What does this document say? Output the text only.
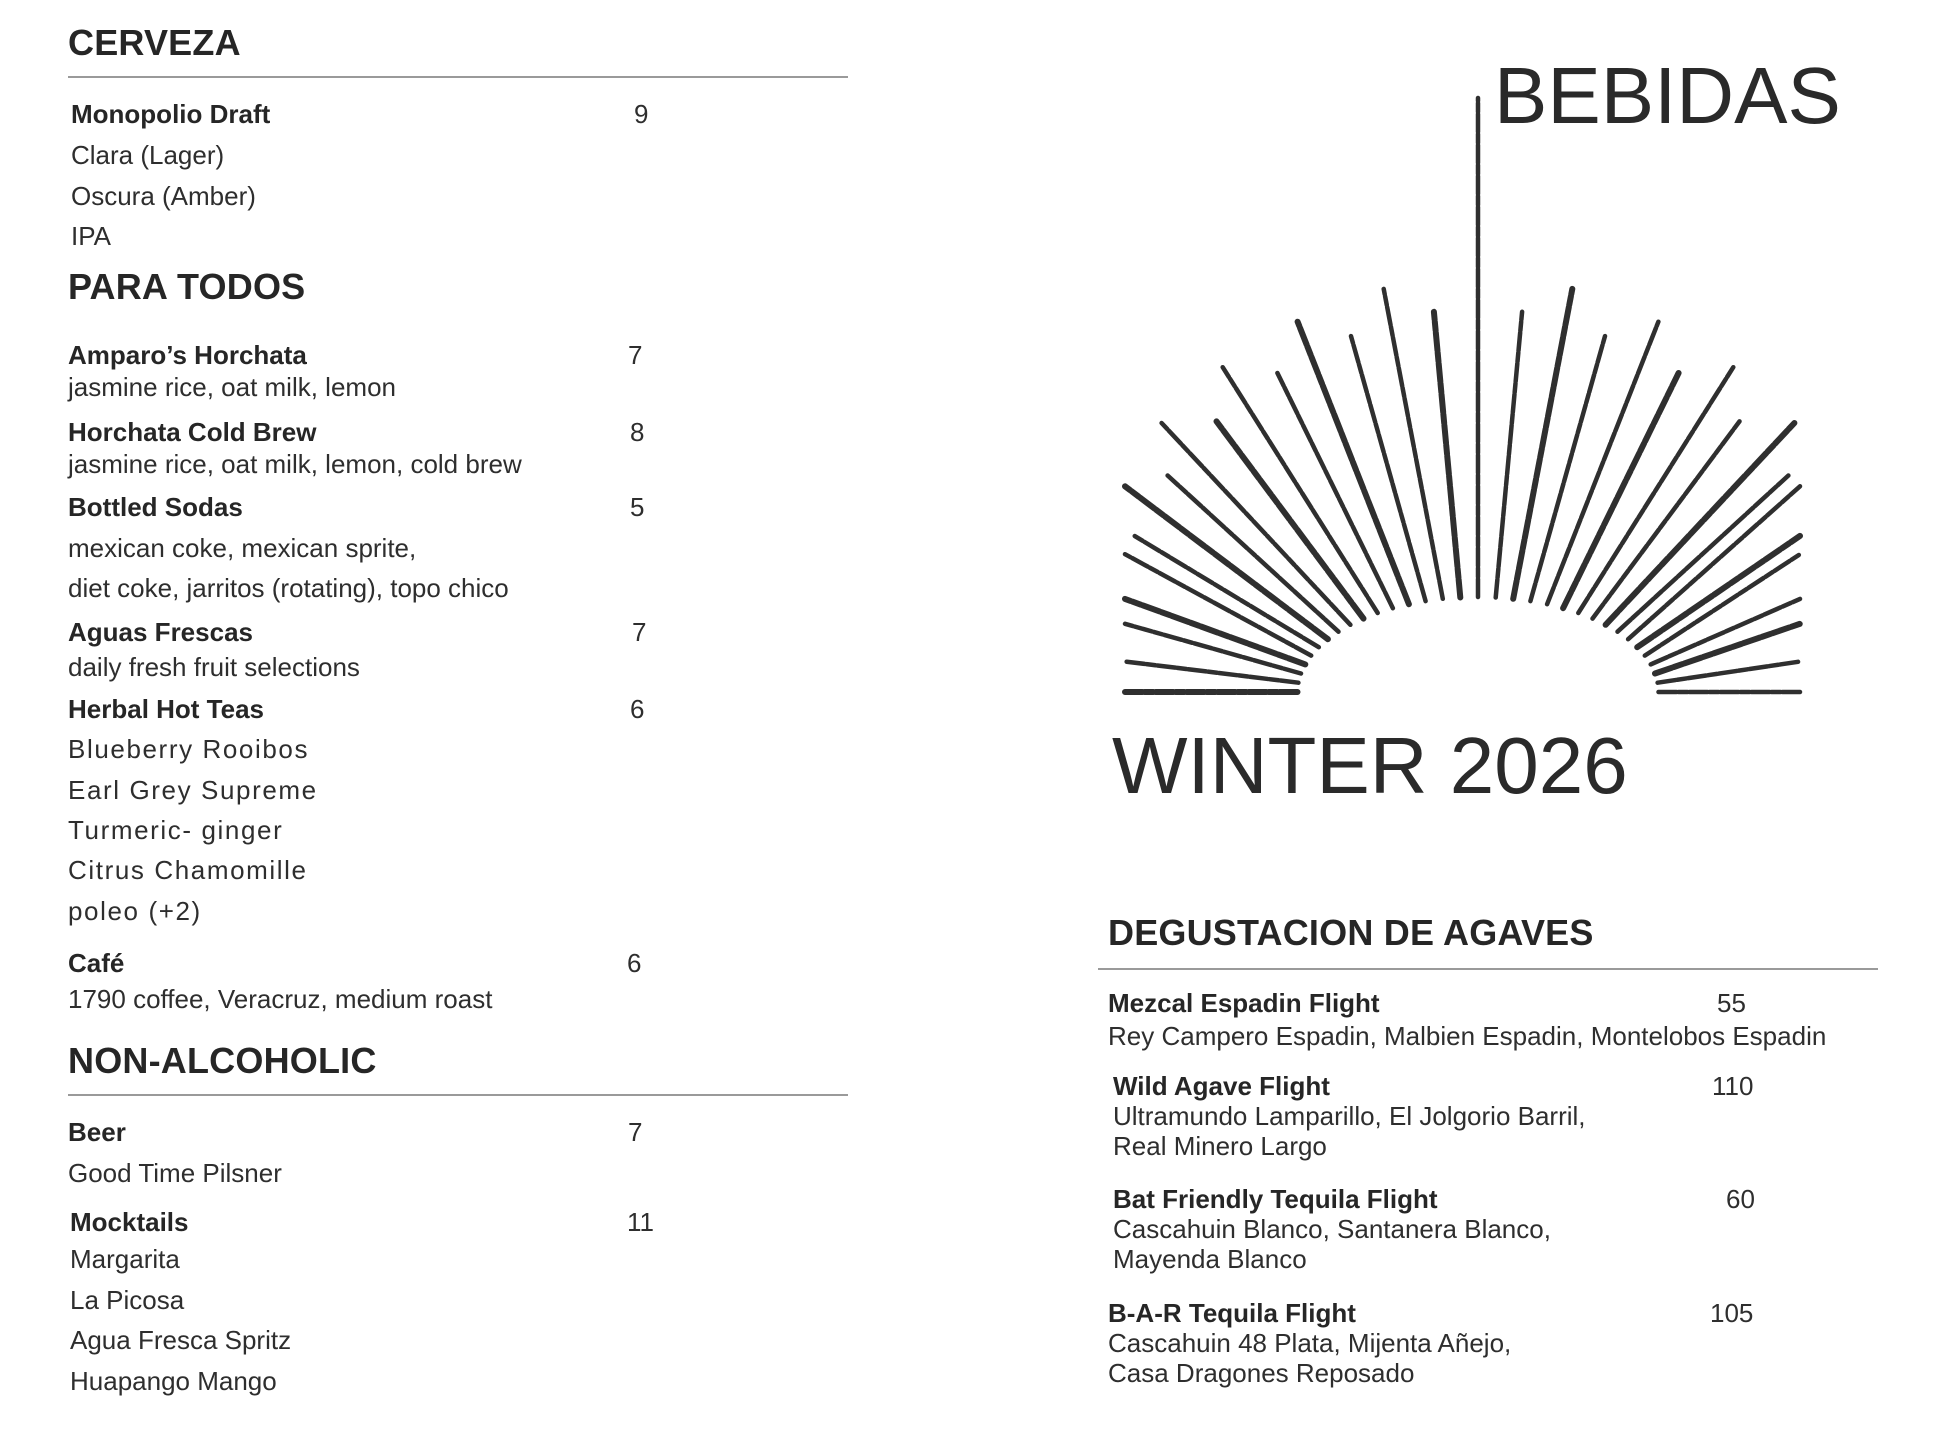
CERVEZA
Monopolio Draft	9
Clara (Lager)
Oscura (Amber)
IPA
PARA TODOS
Amparo’s Horchata	7
jasmine rice, oat milk, lemon
Horchata Cold Brew	8
jasmine rice, oat milk, lemon, cold brew
Bottled Sodas	5
mexican coke, mexican sprite,
diet coke, jarritos (rotating), topo chico
Aguas Frescas	7
daily fresh fruit selections
Herbal Hot Teas	6
Blueberry Rooibos
Earl Grey Supreme
Turmeric- ginger
Citrus Chamomille
poleo (+2)
Café	6
1790 coffee, Veracruz, medium roast
NON-ALCOHOLIC
Beer	7
Good Time Pilsner
Mocktails	11
Margarita
La Picosa
Agua Fresca Spritz
Huapango Mango
BEBIDAS
WINTER 2026
DEGUSTACION DE AGAVES
Mezcal Espadin Flight	55
Rey Campero Espadin, Malbien Espadin, Montelobos Espadin
Wild Agave Flight	110
Ultramundo Lamparillo, El Jolgorio Barril,
Real Minero Largo
Bat Friendly Tequila Flight	60
Cascahuin Blanco, Santanera Blanco,
Mayenda Blanco
B-A-R Tequila Flight	105
Cascahuin 48 Plata, Mijenta Añejo,
Casa Dragones Reposado
